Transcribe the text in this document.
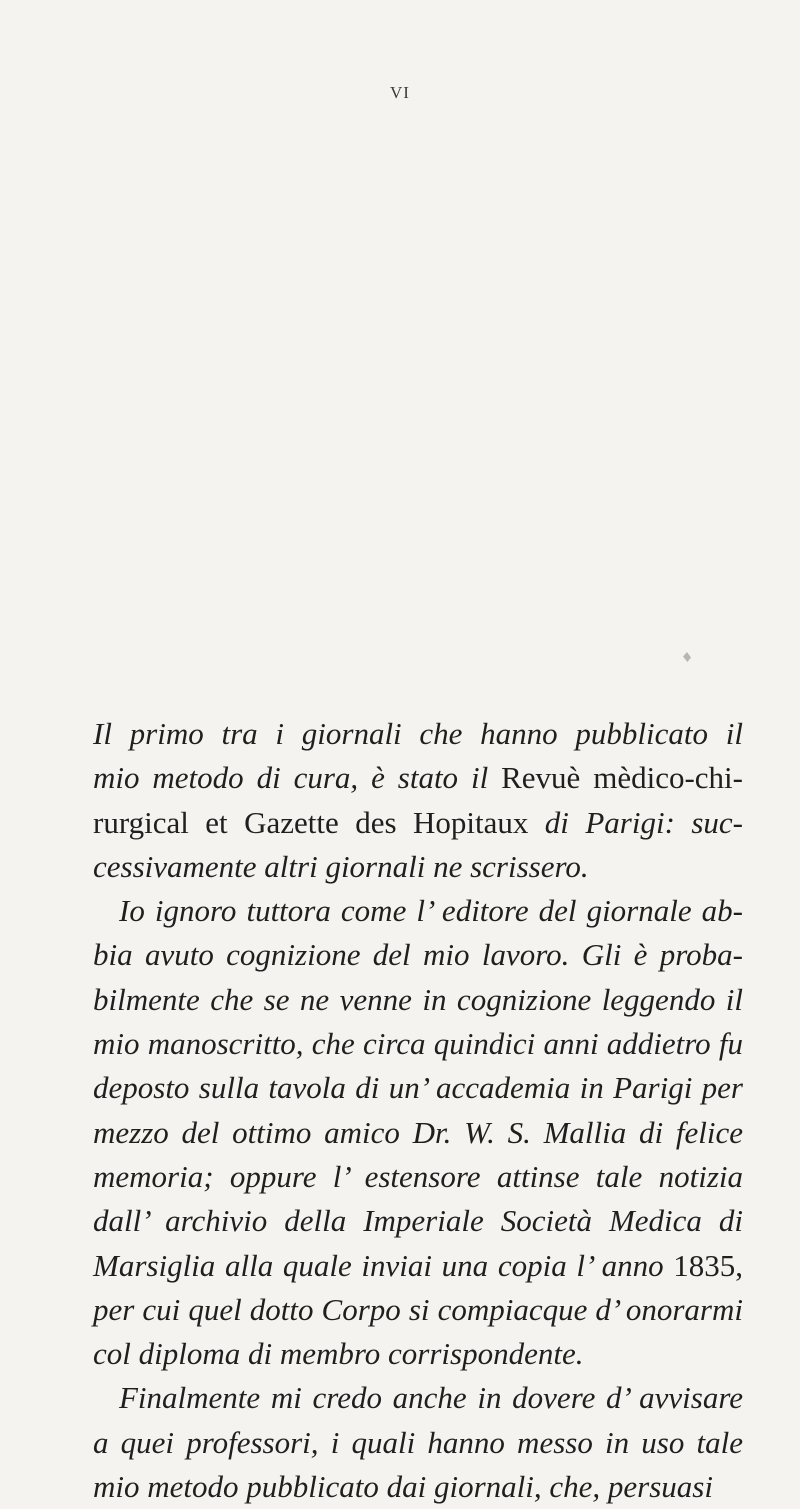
VI
Il primo tra i giornali che hanno pubblicato il
mio metodo di cura, è stato il Revuè mèdico-chi-
rurgical et Gazette des Hopitaux di Parigi: suc-
cessivamente altri giornali ne scrissero.
Io ignoro tuttora come l’ editore del giornale ab-
bia avuto cognizione del mio lavoro. Gli è proba-
bilmente che se ne venne in cognizione leggendo il
mio manoscritto, che circa quindici anni addietro fu
deposto sulla tavola di un’ accademia in Parigi per
mezzo del ottimo amico Dr. W. S. Mallia di felice
memoria; oppure l’ estensore attinse tale notizia
dall’ archivio della Imperiale Società Medica di
Marsiglia alla quale inviai una copia l’ anno 1835,
per cui quel dotto Corpo si compiacque d’ onorarmi
col diploma di membro corrispondente.
Finalmente mi credo anche in dovere d’ avvisare
a quei professori, i quali hanno messo in uso tale
mio metodo pubblicato dai giornali, che, persuasi
